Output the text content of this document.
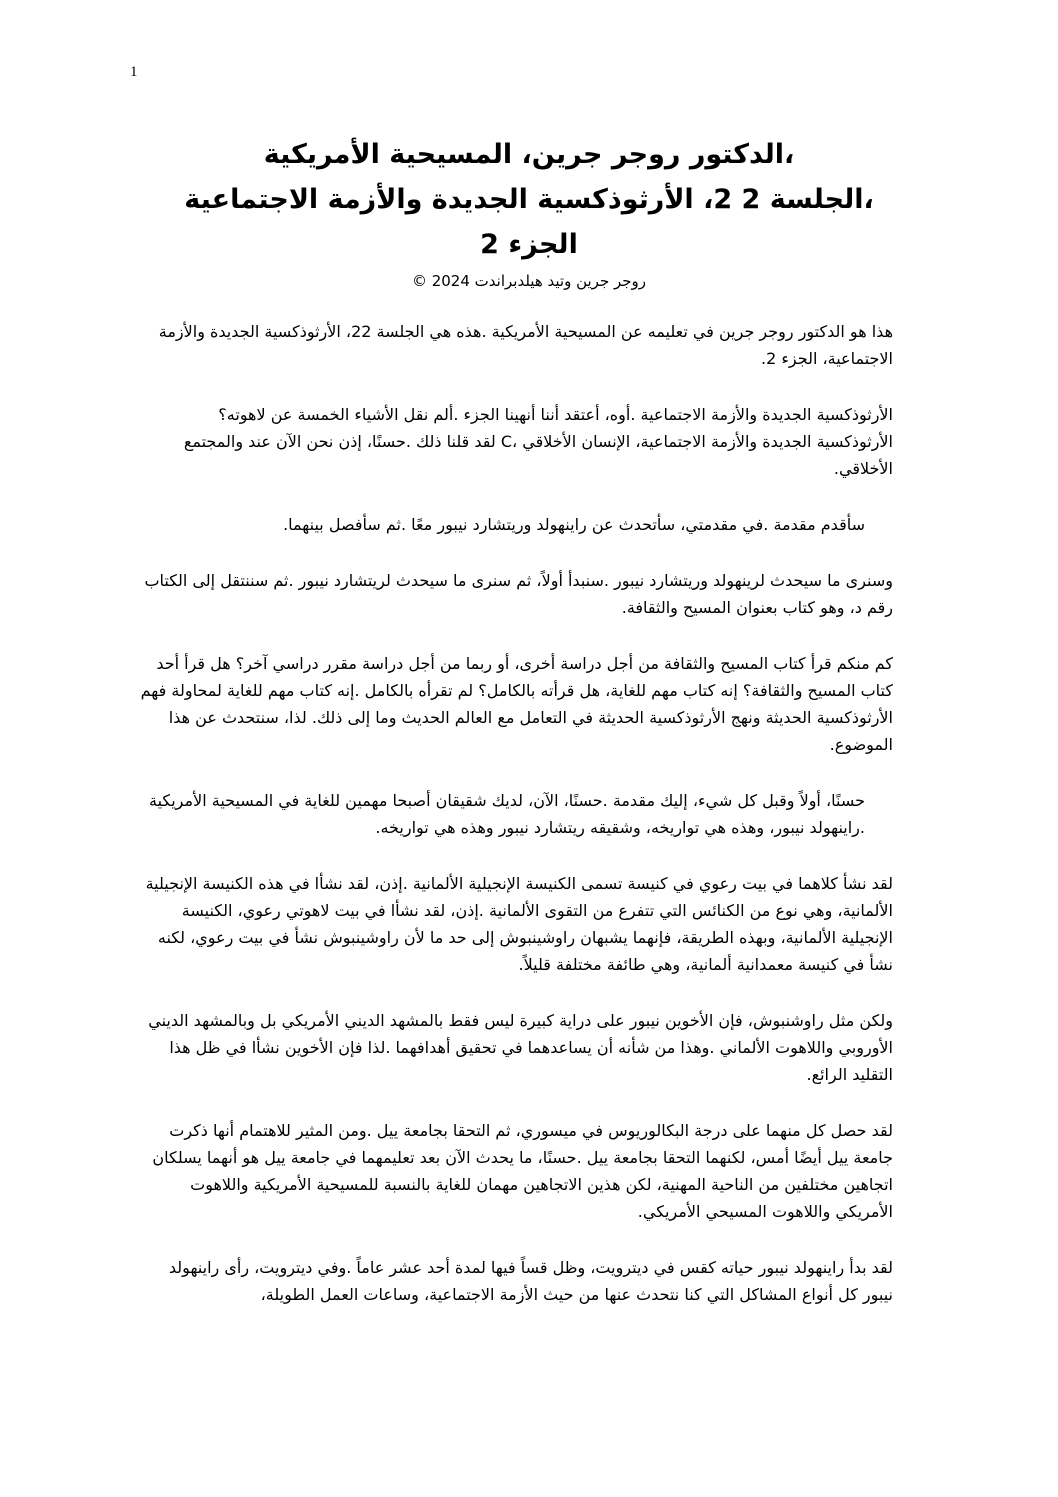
1
،الدكتور روجر جرين، المسيحية الأمريكية
،الجلسة 2 2، الأرثوذكسية الجديدة والأزمة الاجتماعية
الجزء 2
روجر جرين وتيد هيلدبراندت 2024 ©

هذا هو الدكتور روجر جرين في تعليمه عن المسيحية الأمريكية .هذه هي الجلسة 22، الأرثوذكسية الجديدة والأزمة الاجتماعية، الجزء 2.

الأرثوذكسية الجديدة والأزمة الاجتماعية .أوه، أعتقد أننا أنهينا الجزء .ألم نقل الأشياء الخمسة عن لاهوته؟ الأرثوذكسية الجديدة والأزمة الاجتماعية، الإنسان الأخلاقي ،C لقد قلنا ذلك .حسنًا، إذن نحن الآن عند والمجتمع الأخلاقي.

سأقدم مقدمة .في مقدمتي، سأتحدث عن راينهولد وريتشارد نيبور معًا .ثم سأفصل بينهما.

وسنرى ما سيحدث لرينهولد وريتشارد نيبور .سنبدأ أولاً، ثم سنرى ما سيحدث لريتشارد نيبور .ثم سننتقل إلى الكتاب رقم د، وهو كتاب بعنوان المسيح والثقافة.

كم منكم قرأ كتاب المسيح والثقافة من أجل دراسة أخرى، أو ربما من أجل دراسة مقرر دراسي آخر؟ هل قرأ أحد كتاب المسيح والثقافة؟ إنه كتاب مهم للغاية، هل قرأته بالكامل؟ لم تقرأه بالكامل .إنه كتاب مهم للغاية لمحاولة فهم الأرثوذكسية الحديثة ونهج الأرثوذكسية الحديثة في التعامل مع العالم الحديث وما إلى ذلك. لذا، سنتحدث عن هذا الموضوع.

حسنًا، أولاً وقبل كل شيء، إليك مقدمة .حسنًا، الآن، لديك شقيقان أصبحا مهمين للغاية في المسيحية الأمريكية .راينهولد نيبور، وهذه هي تواريخه، وشقيقه ريتشارد نيبور وهذه هي تواريخه.

لقد نشأ كلاهما في بيت رعوي في كنيسة تسمى الكنيسة الإنجيلية الألمانية .إذن، لقد نشأا في هذه الكنيسة الإنجيلية الألمانية، وهي نوع من الكنائس التي تتفرع من التقوى الألمانية .إذن، لقد نشأا في بيت لاهوتي رعوي، الكنيسة الإنجيلية الألمانية، وبهذه الطريقة، فإنهما يشبهان راوشينبوش إلى حد ما لأن راوشينبوش نشأ في بيت رعوي، لكنه نشأ في كنيسة معمدانية ألمانية، وهي طائفة مختلفة قليلاً.

ولكن مثل راوشنبوش، فإن الأخوين نيبور على دراية كبيرة ليس فقط بالمشهد الديني الأمريكي بل وبالمشهد الديني الأوروبي واللاهوت الألماني .وهذا من شأنه أن يساعدهما في تحقيق أهدافهما .لذا فإن الأخوين نشأا في ظل هذا التقليد الرائع.

لقد حصل كل منهما على درجة البكالوريوس في ميسوري، ثم التحقا بجامعة ييل .ومن المثير للاهتمام أنها ذكرت جامعة ييل أيضًا أمس، لكنهما التحقا بجامعة ييل .حسنًا، ما يحدث الآن بعد تعليمهما في جامعة ييل هو أنهما يسلكان اتجاهين مختلفين من الناحية المهنية، لكن هذين الاتجاهين مهمان للغاية بالنسبة للمسيحية الأمريكية واللاهوت الأمريكي واللاهوت المسيحي الأمريكي.

لقد بدأ راينهولد نيبور حياته كقس في ديترويت، وظل قساً فيها لمدة أحد عشر عاماً .وفي ديترويت، رأى راينهولد نيبور كل أنواع المشاكل التي كنا نتحدث عنها من حيث الأزمة الاجتماعية، وساعات العمل الطويلة،
